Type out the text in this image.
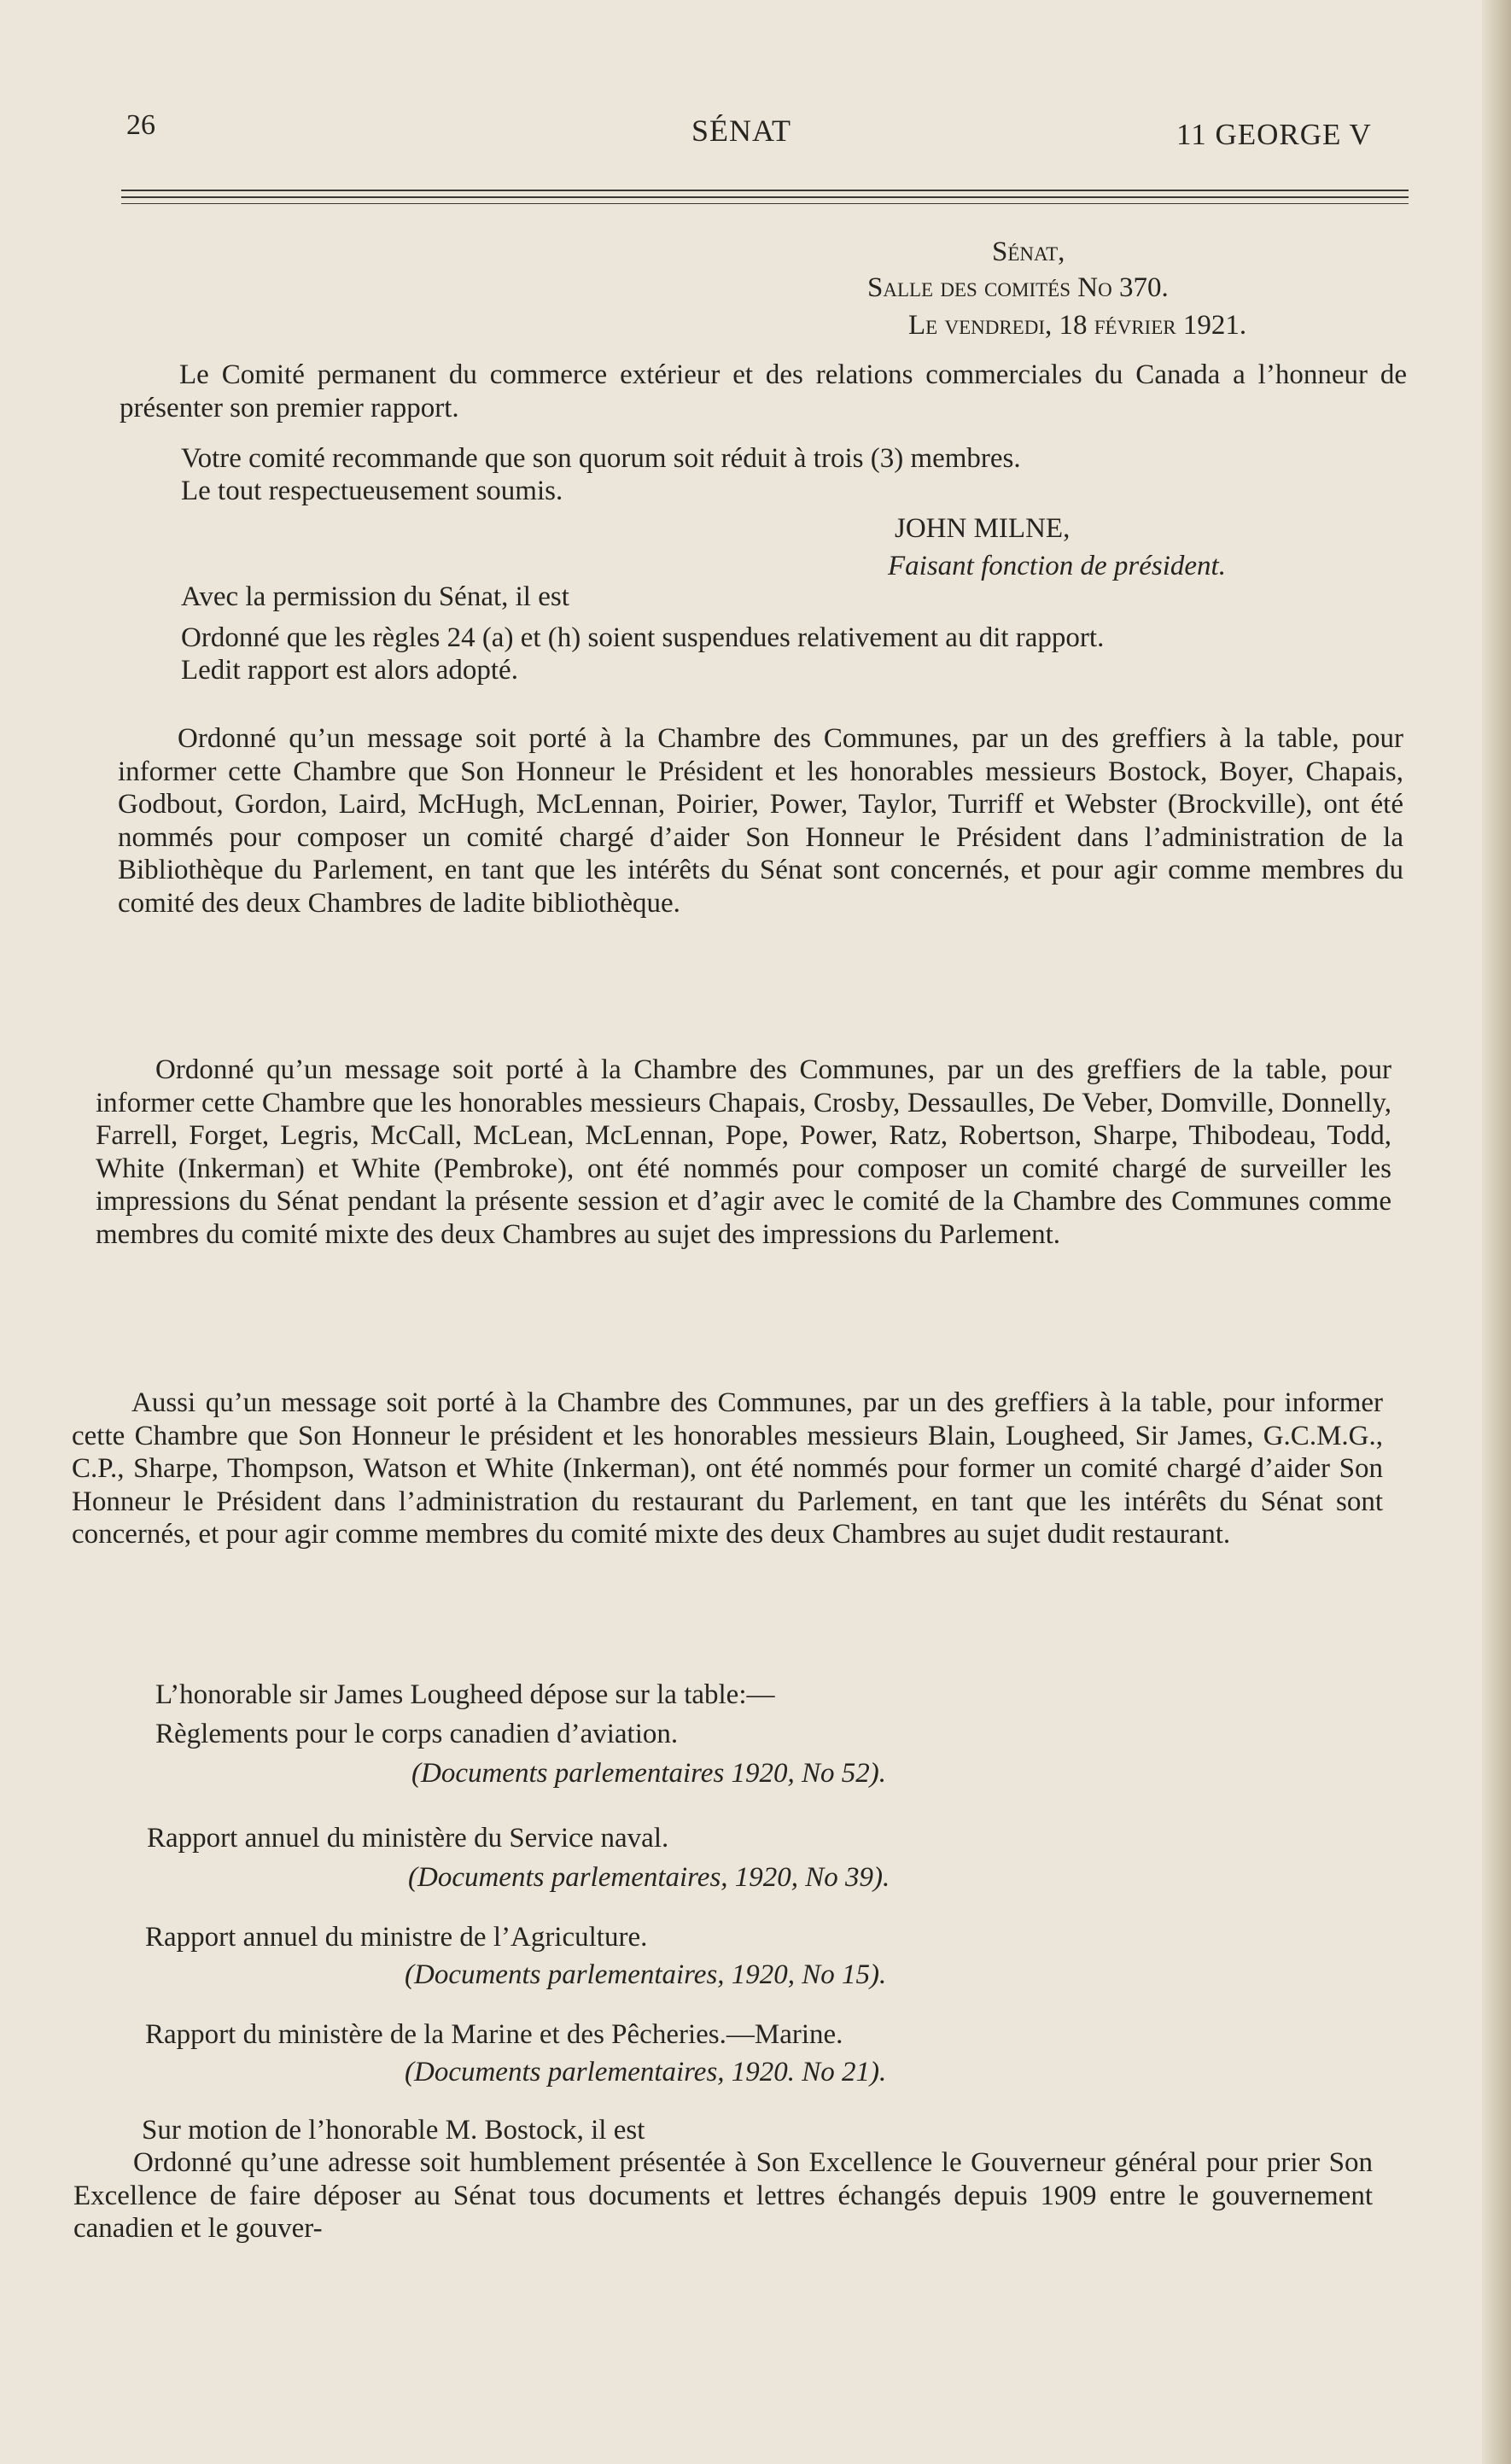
26	SÉNAT	11 GEORGE V
Sénat,
Salle des comités No 370.
Le vendredi, 18 février 1921.
Le Comité permanent du commerce extérieur et des relations commerciales du Canada a l’honneur de présenter son premier rapport.
Votre comité recommande que son quorum soit réduit à trois (3) membres.
Le tout respectueusement soumis.
JOHN MILNE,
Faisant fonction de président.
Avec la permission du Sénat, il est
Ordonné que les règles 24 (a) et (h) soient suspendues relativement au dit rapport.
Ledit rapport est alors adopté.
Ordonné qu’un message soit porté à la Chambre des Communes, par un des greffiers à la table, pour informer cette Chambre que Son Honneur le Président et les honorables messieurs Bostock, Boyer, Chapais, Godbout, Gordon, Laird, McHugh, McLennan, Poirier, Power, Taylor, Turriff et Webster (Brockville), ont été nommés pour composer un comité chargé d’aider Son Honneur le Président dans l’administration de la Bibliothèque du Parlement, en tant que les intérêts du Sénat sont concernés, et pour agir comme membres du comité des deux Chambres de ladite bibliothèque.
Ordonné qu’un message soit porté à la Chambre des Communes, par un des greffiers de la table, pour informer cette Chambre que les honorables messieurs Chapais, Crosby, Dessaulles, De Veber, Domville, Donnelly, Farrell, Forget, Legris, McCall, McLean, McLennan, Pope, Power, Ratz, Robertson, Sharpe, Thibodeau, Todd, White (Inkerman) et White (Pembroke), ont été nommés pour composer un comité chargé de surveiller les impressions du Sénat pendant la présente session et d’agir avec le comité de la Chambre des Communes comme membres du comité mixte des deux Chambres au sujet des impressions du Parlement.
Aussi qu’un message soit porté à la Chambre des Communes, par un des greffiers à la table, pour informer cette Chambre que Son Honneur le président et les honorables messieurs Blain, Lougheed, Sir James, G.C.M.G., C.P., Sharpe, Thompson, Watson et White (Inkerman), ont été nommés pour former un comité chargé d’aider Son Honneur le Président dans l’administration du restaurant du Parlement, en tant que les intérêts du Sénat sont concernés, et pour agir comme membres du comité mixte des deux Chambres au sujet dudit restaurant.
L’honorable sir James Lougheed dépose sur la table:—
Règlements pour le corps canadien d’aviation.
(Documents parlementaires 1920, No 52).
Rapport annuel du ministère du Service naval.
(Documents parlementaires, 1920, No 39).
Rapport annuel du ministre de l’Agriculture.
(Documents parlementaires, 1920, No 15).
Rapport du ministère de la Marine et des Pêcheries.—Marine.
(Documents parlementaires, 1920. No 21).
Sur motion de l’honorable M. Bostock, il est
Ordonné qu’une adresse soit humblement présentée à Son Excellence le Gouverneur général pour prier Son Excellence de faire déposer au Sénat tous documents et lettres échangés depuis 1909 entre le gouvernement canadien et le gouver-
